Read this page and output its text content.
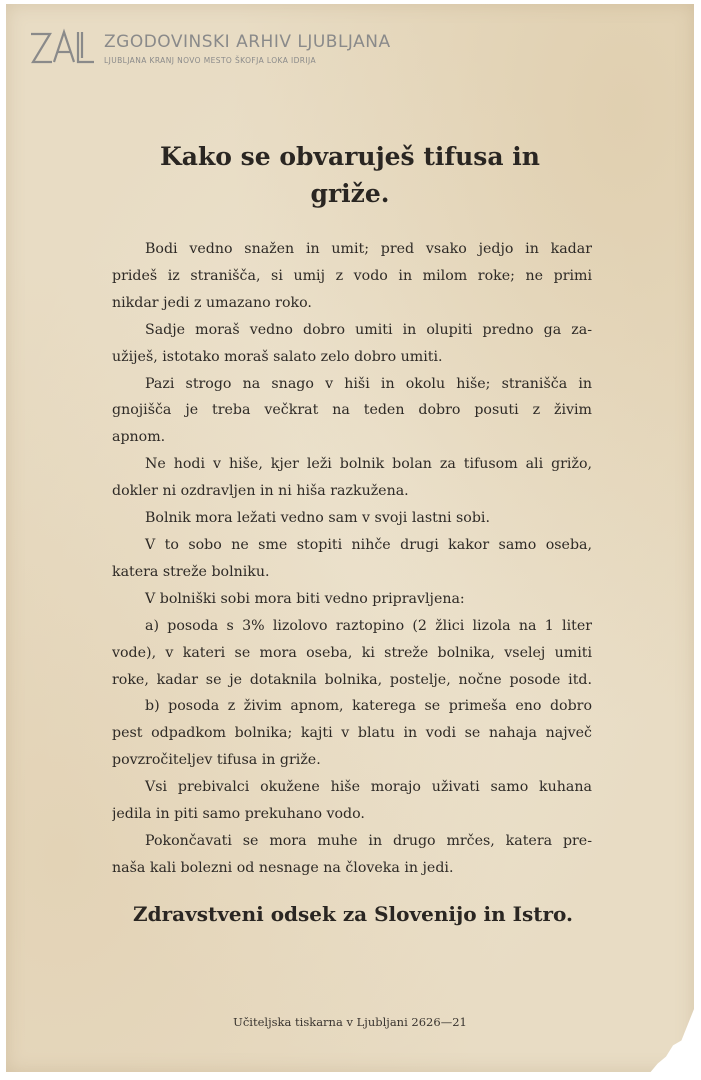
ZGODOVINSKI ARHIV LJUBLJANA
LJUBLJANA KRANJ NOVO MESTO ŠKOFJA LOKA IDRIJA
Kako se obvaruješ tifusa in
griže.
Bodi vedno snažen in umit; pred vsako jedjo in kadar
prideš iz stranišča, si umij z vodo in milom roke; ne primi
nikdar jedi z umazano roko.
Sadje moraš vedno dobro umiti in olupiti predno ga za-
užiješ, istotako moraš salato zelo dobro umiti.
Pazi strogo na snago v hiši in okolu hiše; stranišča in
gnojišča je treba večkrat na teden dobro posuti z živim
apnom.
Ne hodi v hiše, kjer leži bolnik bolan za tifusom ali grižo,
dokler ni ozdravljen in ni hiša razkužena.
Bolnik mora ležati vedno sam v svoji lastni sobi.
V to sobo ne sme stopiti nihče drugi kakor samo oseba,
katera streže bolniku.
V bolniški sobi mora biti vedno pripravljena:
a) posoda s 3% lizolovo raztopino (2 žlici lizola na 1 liter
vode), v kateri se mora oseba, ki streže bolnika, vselej umiti
roke, kadar se je dotaknila bolnika, postelje, nočne posode itd.
b) posoda z živim apnom, katerega se primeša eno dobro
pest odpadkom bolnika; kajti v blatu in vodi se nahaja največ
povzročiteljev tifusa in griže.
Vsi prebivalci okužene hiše morajo uživati samo kuhana
jedila in piti samo prekuhano vodo.
Pokončavati se mora muhe in drugo mrčes, katera pre-
naša kali bolezni od nesnage na človeka in jedi.
Zdravstveni odsek za Slovenijo in Istro.
Učiteljska tiskarna v Ljubljani 2626—21
